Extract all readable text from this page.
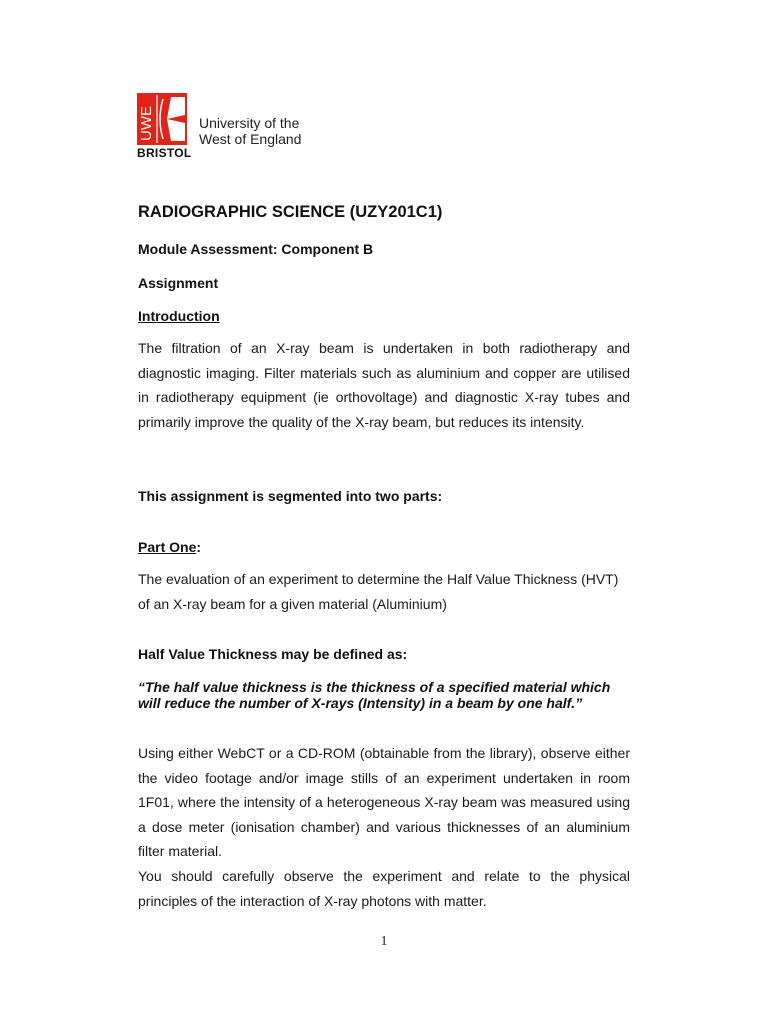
UWE
BRISTOL
University of the
West of England
RADIOGRAPHIC SCIENCE (UZY201C1)
Module Assessment: Component B
Assignment
Introduction
The filtration of an X-ray beam is undertaken in both radiotherapy and diagnostic imaging. Filter materials such as aluminium and copper are utilised in radiotherapy equipment (ie orthovoltage) and diagnostic X-ray tubes and primarily improve the quality of the X-ray beam, but reduces its intensity.
This assignment is segmented into two parts:
Part One:
The evaluation of an experiment to determine the Half Value Thickness (HVT) of an X-ray beam for a given material (Aluminium)
Half Value Thickness may be defined as:
“The half value thickness is the thickness of a specified material which will reduce the number of X-rays (Intensity) in a beam by one half.”
Using either WebCT or a CD-ROM (obtainable from the library), observe either the video footage and/or image stills of an experiment undertaken in room 1F01, where the intensity of a heterogeneous X-ray beam was measured using a dose meter (ionisation chamber) and various thicknesses of an aluminium filter material.
You should carefully observe the experiment and relate to the physical principles of the interaction of X-ray photons with matter.
1
